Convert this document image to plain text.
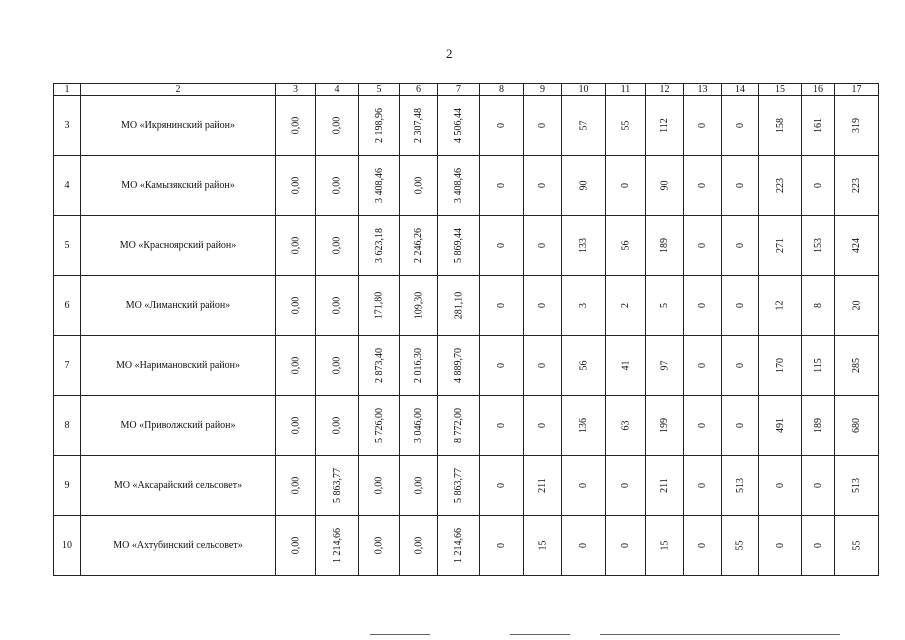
2
1	2	3	4	5	6	7	8	9	10	11	12	13	14	15	16	17
3	МО «Икрянинский район»	0,00	0,00	2 198,96	2 307,48	4 506,44	0	0	57	55	112	0	0	158	161	319
4	МО «Камызякский район»	0,00	0,00	3 408,46	0,00	3 408,46	0	0	90	0	90	0	0	223	0	223
5	МО «Красноярский район»	0,00	0,00	3 623,18	2 246,26	5 869,44	0	0	133	56	189	0	0	271	153	424
6	МО «Лиманский район»	0,00	0,00	171,80	109,30	281,10	0	0	3	2	5	0	0	12	8	20
7	МО «Наримановский район»	0,00	0,00	2 873,40	2 016,30	4 889,70	0	0	56	41	97	0	0	170	115	285
8	МО «Приволжский район»	0,00	0,00	5 726,00	3 046,00	8 772,00	0	0	136	63	199	0	0	491	189	680
9	МО «Аксарайский сельсовет»	0,00	5 863,77	0,00	0,00	5 863,77	0	211	0	0	211	0	513	0	0	513
10	МО «Ахтубинский сельсовет»	0,00	1 214,66	0,00	0,00	1 214,66	0	15	0	0	15	0	55	0	0	55
